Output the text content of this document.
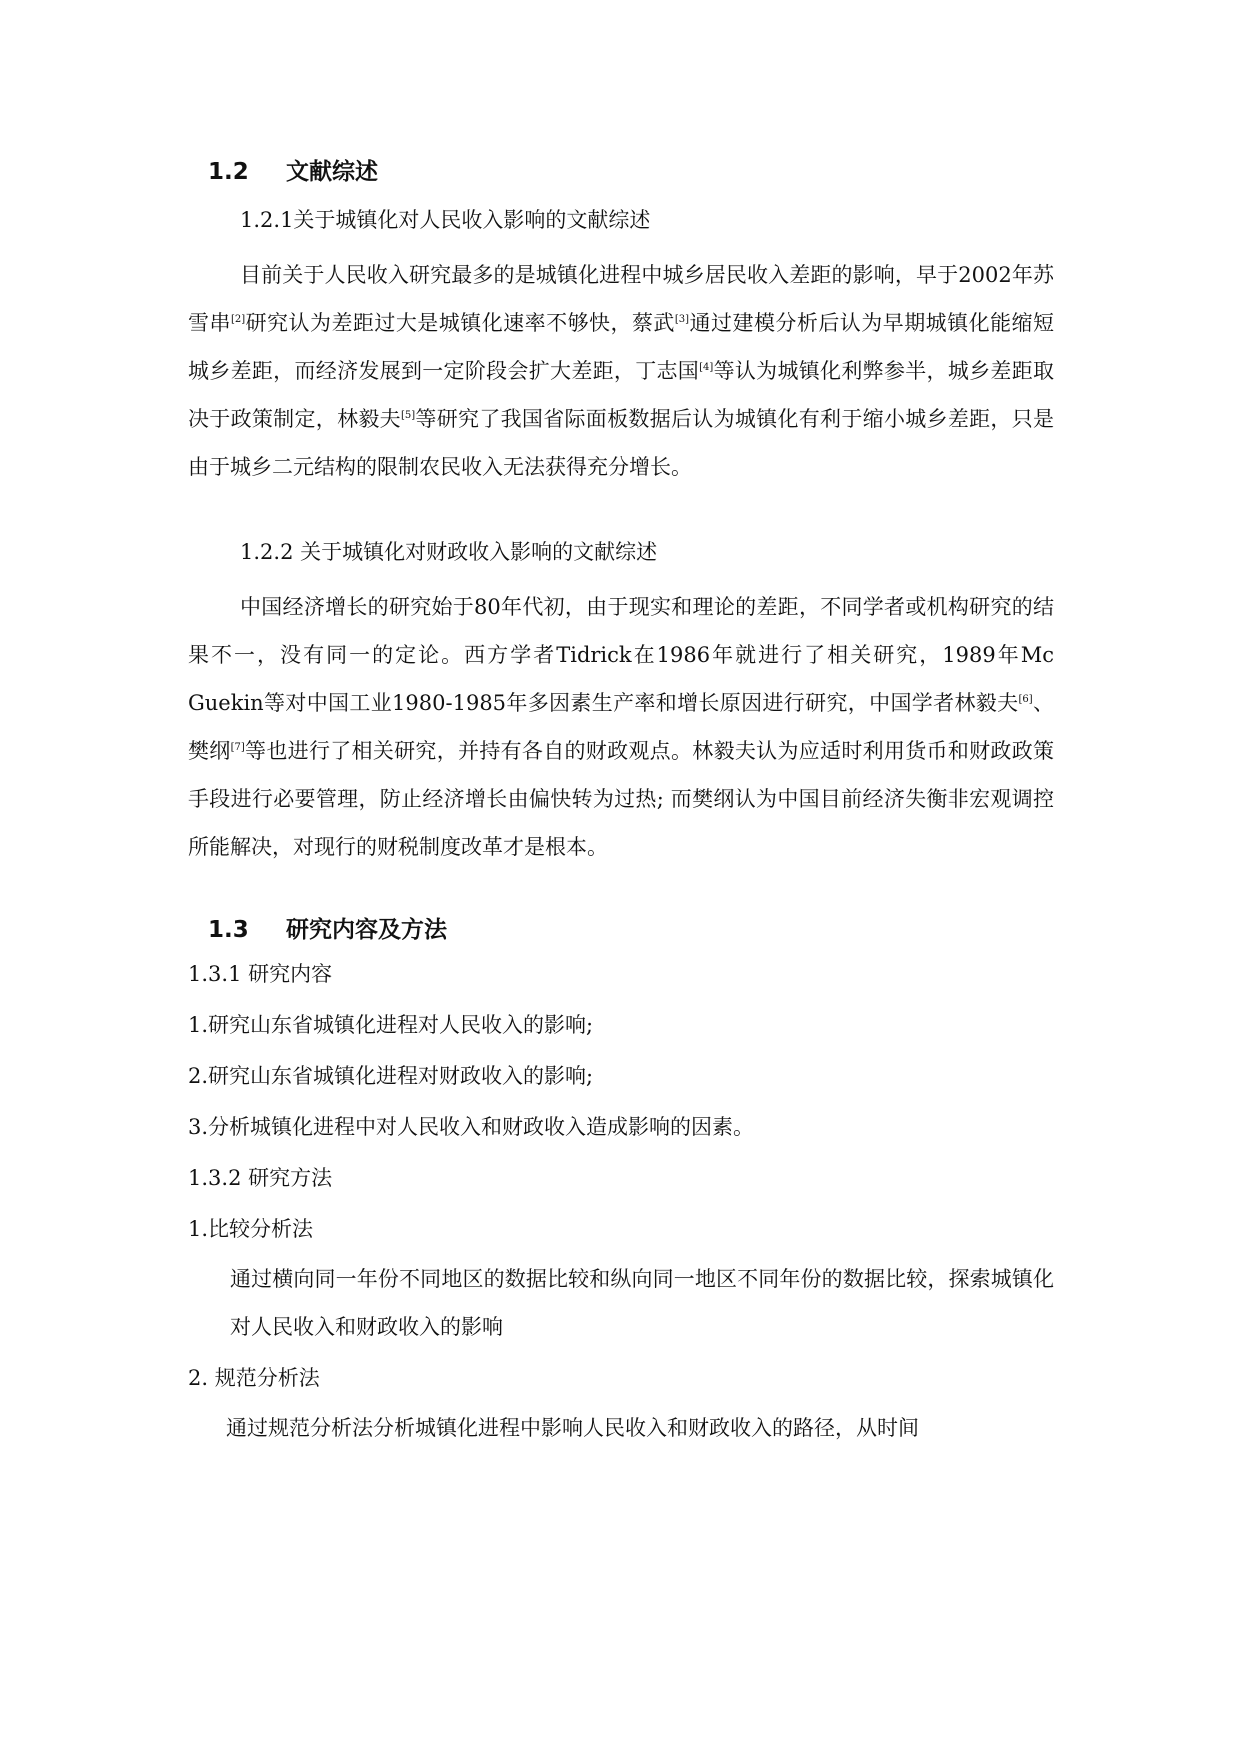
1.2 文献综述
1.2.1关于城镇化对人民收入影响的文献综述

目前关于人民收入研究最多的是城镇化进程中城乡居民收入差距的影响，早于2002年苏雪串[2]研究认为差距过大是城镇化速率不够快，蔡武[3]通过建模分析后认为早期城镇化能缩短城乡差距，而经济发展到一定阶段会扩大差距，丁志国[4]等认为城镇化利弊参半，城乡差距取决于政策制定，林毅夫[5]等研究了我国省际面板数据后认为城镇化有利于缩小城乡差距，只是由于城乡二元结构的限制农民收入无法获得充分增长。

1.2.2 关于城镇化对财政收入影响的文献综述

中国经济增长的研究始于80年代初，由于现实和理论的差距，不同学者或机构研究的结果不一，没有同一的定论。西方学者Tidrick在1986年就进行了相关研究，1989年Mc Guekin等对中国工业1980-1985年多因素生产率和增长原因进行研究，中国学者林毅夫[6]、樊纲[7]等也进行了相关研究，并持有各自的财政观点。林毅夫认为应适时利用货币和财政政策手段进行必要管理，防止经济增长由偏快转为过热; 而樊纲认为中国目前经济失衡非宏观调控所能解决，对现行的财税制度改革才是根本。

1.3 研究内容及方法
1.3.1 研究内容
1.研究山东省城镇化进程对人民收入的影响;
2.研究山东省城镇化进程对财政收入的影响;
3.分析城镇化进程中对人民收入和财政收入造成影响的因素。
1.3.2 研究方法
1.比较分析法
通过横向同一年份不同地区的数据比较和纵向同一地区不同年份的数据比较，探索城镇化对人民收入和财政收入的影响
2. 规范分析法
通过规范分析法分析城镇化进程中影响人民收入和财政收入的路径，从时间
